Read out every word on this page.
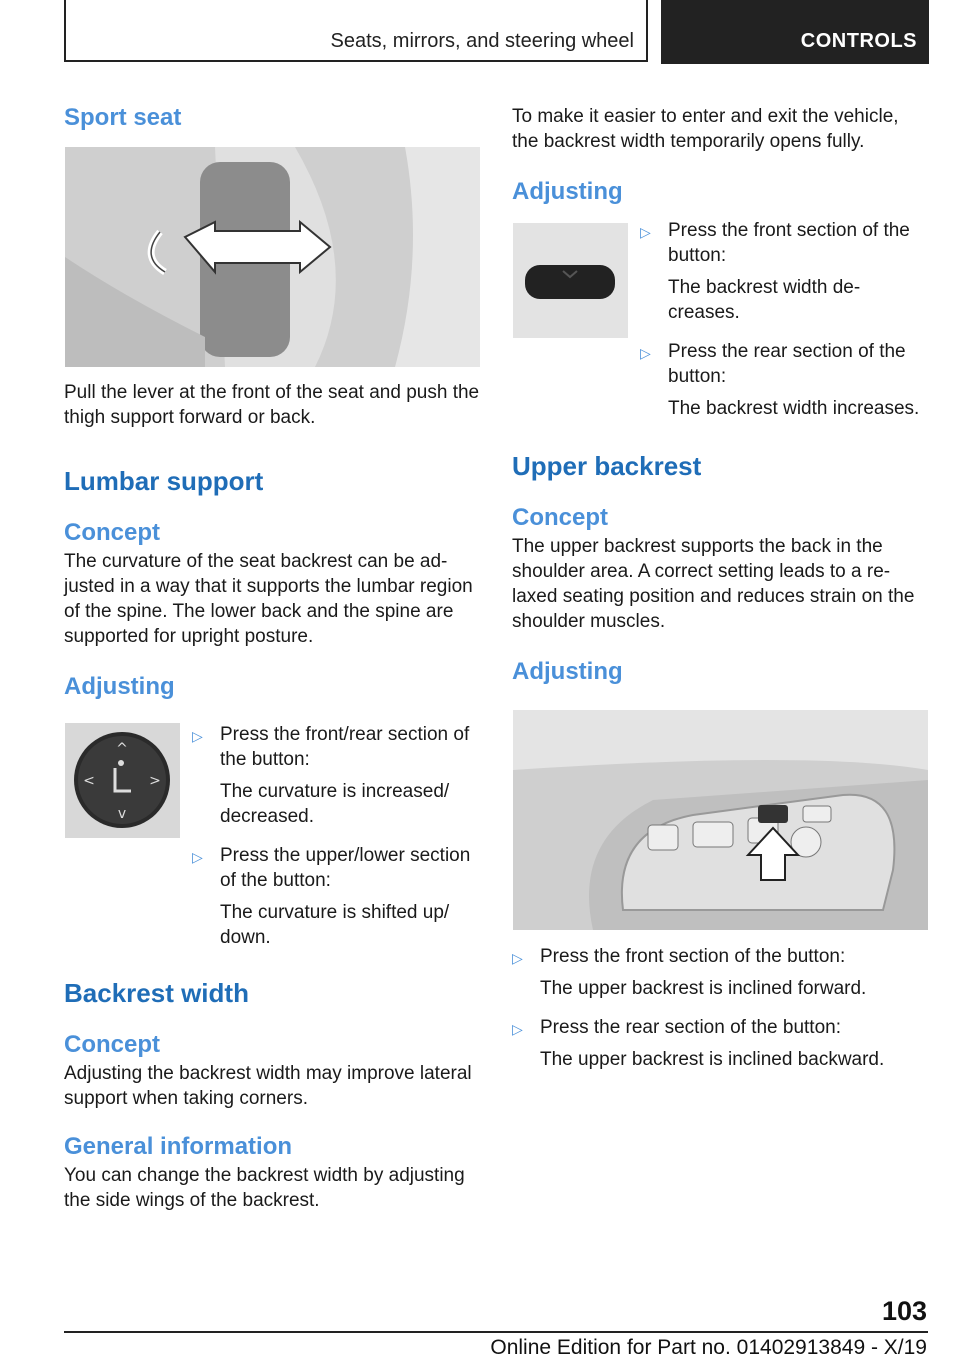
Seats, mirrors, and steering wheel	CONTROLS
Sport seat

Pull the lever at the front of the seat and push the thigh support forward or back.

Lumbar support
Concept

The curvature of the seat backrest can be ad-justed in a way that it supports the lumbar region of the spine. The lower back and the spine are supported for upright posture.

Adjusting
^
v
<	>
▷ Press the front/rear section of the button:

The curvature is increased/ decreased.

▷ Press the upper/lower section of the button:

The curvature is shifted up/ down.

Backrest width
Concept

Adjusting the backrest width may improve lateral support when taking corners.

General information

You can change the backrest width by adjusting the side wings of the backrest.

To make it easier to enter and exit the vehicle, the backrest width temporarily opens fully.

Adjusting
▷ Press the front section of the button:

The backrest width de-creases.

▷ Press the rear section of the button:

The backrest width increases.

Upper backrest
Concept

The upper backrest supports the back in the shoulder area. A correct setting leads to a re-laxed seating position and reduces strain on the shoulder muscles.

Adjusting
▷ Press the front section of the button:

The upper backrest is inclined forward.

▷ Press the rear section of the button:

The upper backrest is inclined backward.

103
Online Edition for Part no. 01402913849 - X/19
